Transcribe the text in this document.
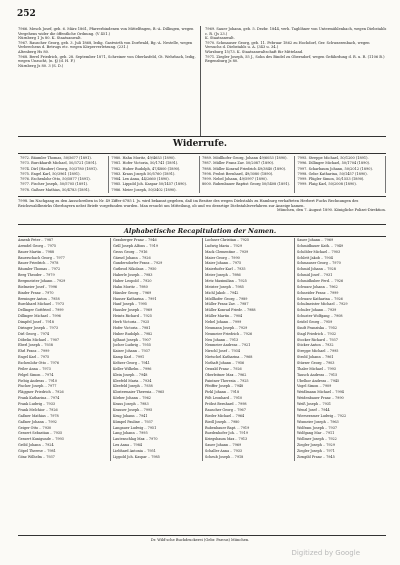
252

7966. Mesch Josef, geb. 6. März 1861, Pfarrerbindenen von Mittelfingen, B.-A. Dillingen, wegen Vergehens wider die öffentliche Ordnung. (V 451.)

Nürnberg 1 Js 80. K. Staatsanwalt.

7967. Rauscher Georg, geb. 3. Juli 1868, ledig. Gastwirth von Dorfwald, Bg.-A. Nestelle, wegen Verbrechens d. Betrugs etc. wegen Körperverletzung. (231.)

Altenberg Hs 80.

7968. Berel Friedrich, geb. 28. September 1871, Schreiner von Oberlasfeld, Gt. Wehrbach, ledig, wegen Unzucht, (n. §) (d. H. F.)

Nürnberg Js 80. 3 (S. D.)

7969. Sauer Johann, geb. 5. Dezbr. 1844, verh. Taglöhner von Untermühlenbach, wegen Diebstahls c. R. (Js 23.)

K. Staatsanwalt.

7970. Schmauser Georg, geb. 11. Februar 1862 zu Hochdorf, Ger. Schwarzenbach, wegen Versuchs d. Diebstahls u. A. (343 u. 34.)

Würzburg 15/73. K. Staatsanwaltschaft für Mitteland.

7971. Ziegler Joseph, 55 J., Sohn des Bindel zu Oberndorf, wegen Gefährdung d. R. u. R. (1106 B.)

Regensburg Js 80.

Widerrufe.
7972. Bäumler Thomas, 50/5677 (1891).	7980. Hahn Moritz, 49/4653 (1890).	7989. Mödlhofer Georg, Johann 49/6053 (1890).	7995. Streppe Michael, 50/1200 (1891).
7973. Burckhardt Michael, 50/3721 (1891).	7981. Hofer Victoria, 50/1741 (1891).	7987. Müller Franz Zav. 50/2087 (1890).	7996. Dillinger Michael, 50/1704 (1890).
7974. Dirl (Hauber) Georg, 50/3780 (1891).	7982. Huber Rudolph, 47/4800 (1890).	7988. Müller Konrad Friedrich 49/3840 (1890).	7997. Scharbaum Johann, 50/2012 (1890).
7975. Engel Karl, 50/3961 (1891).	7983. Kraus Joseph 50/5760 (1891).	7998. Probst Bernhard, 49/3080 (1890).	7998. Gelse Katharina, 50/1457 (1890).
7976. Eschenlohr Otto, 50/5877 (1891).	7984. Lex Anna, 44/2660 (1890).	7999. Nebel Johann, 49/5997 (1890).	7999. Flügler Simon, 50/1553 (1890).
7977. Fischer Joseph, 50/5705 (1891).	7985. Lippold Joh. Kaspar 50/1457 (1890).	8000. Rubenbauer Baptist Georg 50/5408 (1891).	7999. Flaig Karl, 50/2008 (1890).
7978. Gaßner Mathias, 50/4783 (1891).	7986. Meier Joseph, 50/3402 (1890).		

7998. Im Nachgang zu den Ausschreiben in Nr. 49 Ziffer 6785 I. Js. wird bekannt gegeben, daß im Besitze des wegen Diebstahls zu Hamburg verhafteten Herbert Fuchs Rechnungen des Reichswaldbezirks Oberbayern nebst Briefe vorgefunden wurden. Man ersucht um Mitteilung, ob und wo derartige Diebstahlsverfahren zur Anzeige kamen.

München, den 7. August 1890. Königliche Polizei-Direktion.

Alphabetische Recapitulation der Namen.
Amenb Peter .. 7987
Arendel Georg .. 7975
Bauer Martin .. 7988
Bauerschach Georg .. 7977
Bauer Friedrich .. 7978
Bäumler Thomas .. 7972
Berg Theoder .. 7979
Bergmeister Johann .. 7929
Bielmeier Josef .. 7996
Binder Franz .. 7970
Breninger Anton .. 7958
Burckhard Michael .. 7973
Dellinger Gottfried .. 7999
Dillinger Michael .. 7996
Dimpfel Josef .. 7918
Diringer Joseph .. 7973
Dirl Georg .. 7974
Döbelin Michael .. 7907
Eberl Joseph .. 7938
Ehrl Franz .. 7999
Engel Karl .. 7975
Eschenlohr Otto .. 7976
Feiler Anna .. 7973
Felgel Simon .. 7974
Fiebig Andreas .. 7910
Fischer Joseph .. 7977
Fläggner Friedrich .. 7926
Frank Katharina .. 7974
Frank Ludwig .. 7933
Frank Melchior .. 7926
Gaßner Mathias .. 7978
Gaßner Johann .. 7992
Geiger Otto .. 7930
Gessert Sebastian .. 7935
Gessert Kunigunde .. 7993
Gröbl Johann .. 7924
Göpel Therese .. 7981
Gönz Wilhelm .. 7937
Grasberger Franz .. 7946
Grill Joseph Alfons .. 7919
Gross Georg .. 7916
Gärnel Johann .. 7926
Gundersdorfer Franz .. 7929
Gutbrod Nikolaus .. 7950
Haberle Joseph .. 7983
Haber Leopold .. 7920
Hahn Moritz .. 7980
Hänsler Georg .. 7969
Hauser Katharina .. 7991
Hanf Joseph .. 7995
Hausler Joseph .. 7969
Heintz Richard .. 7925
Herb Victoria .. 7925
Hofer Victoria .. 7981
Huber Rudolph .. 7982
Iglhaut Joseph .. 7907
Jocher Ludwig .. 7955
Kaiser Johann .. 7937
Kamp Karl .. 7991
Keltzer Georg .. 7941
Keller Wilhelm .. 7996
Klein Joseph .. 7948
Kleefeld Maria .. 7934
Kleefeld Joseph .. 7938
Klostermaier Theresia .. 7965
Körber Johann .. 7962
Kraus Joseph .. 7983
Krauser Joseph .. 7995
Krug Johann .. 7941
Kümpel Pauline .. 7937
Langauer Ludwig .. 7951
Lang Johann .. 7995
Lautenschlag Max .. 7970
Lex Anna .. 7984
Liebhard Antonia .. 7951
Lippold Joh. Kaspar .. 7985
Lochner Christian .. 7925
Ludwig Maria .. 7929
Mack Clementine .. 7939
Maier Georg .. 7990
Maier Johann .. 7975
Maierhofer Karl .. 7935
Meier Joseph .. 7986
Metz Maximilian .. 7925
Meister Joseph .. 7985
Michl Jakob .. 7942
Mödlhofer Georg .. 7989
Müller Franz Zav. .. 7987
Müller Konrad Friedr. .. 7988
Müller Martin .. 7904
Nebel Johann .. 7999
Neumann Joseph .. 7929
Neumeier Friedrich .. 7926
Neu Johann .. 7913
Nenmeier Andreas .. 7921
Nirschl Josef .. 7934
Nietschel Katharina .. 7968
Nothaft Johann .. 7956
Oswald Franz .. 7926
Oberleitner Max .. 7962
Paintner Theresia .. 7925
Pfeiffer Joseph .. 7948
Pirkl Johann .. 7918
Pölt Leonhard .. 7910
Pröbst Bernhard .. 7998
Rauscher Georg .. 7967
Rieder Michael .. 7964
Riedl Joseph .. 7980
Rubenbauer Bapt. .. 7919
Ruedenhofer Joh. .. 7919
Kriegsbaum Max .. 7913
Sauer Johann .. 7969
Schaller Anna .. 7933
Scheub Joseph .. 7918
Sauer Johann .. 7969
Schmidbauer Kath. .. 7949
Schöbler Michael .. 7903
Schlett Jakob .. 7904
Schmauser Georg .. 7970
Schmid Johann .. 7928
Schmid Josef .. 7931
Schmidhuber Ferd. .. 7926
Schwarz Johann .. 7962
Schneider Franz .. 7999
Schwarz Katharina .. 7926
Schulmeister Michael .. 7929
Schuler Johann .. 7939
Schuster Wolfgang .. 7908
Seidel Georg .. 7959
Sindt Franziska .. 7952
Stagl Friedrich .. 7932
Stocker Richard .. 7937
Sticker Anton .. 7932
Streppe Michael .. 7995
Strobl Johann .. 7961
Stürzer Georg .. 7903
Thaler Michael .. 7993
Tausch Andreas .. 7915
Ubelhor Andreas .. 7945
Vogel Simon .. 7909
Weidlmann Michael .. 7994
Weidenbauer Franz .. 7990
Weiß Joseph .. 7931
Wenzl Josef .. 7944
Wierseramer Ludwig .. 7922
Wismeier Joseph .. 7963
Wolfram Joseph .. 7937
Wolfgang Mar .. 7911
Wollmer Joseph .. 7922
Ziegler Joseph .. 7929
Ziegler Joseph .. 7971
Zirngibl Franz .. 7945
Dr. Wild'sche Buchdruckerei (Gebr. Parcus) München.
Digitized by Google
